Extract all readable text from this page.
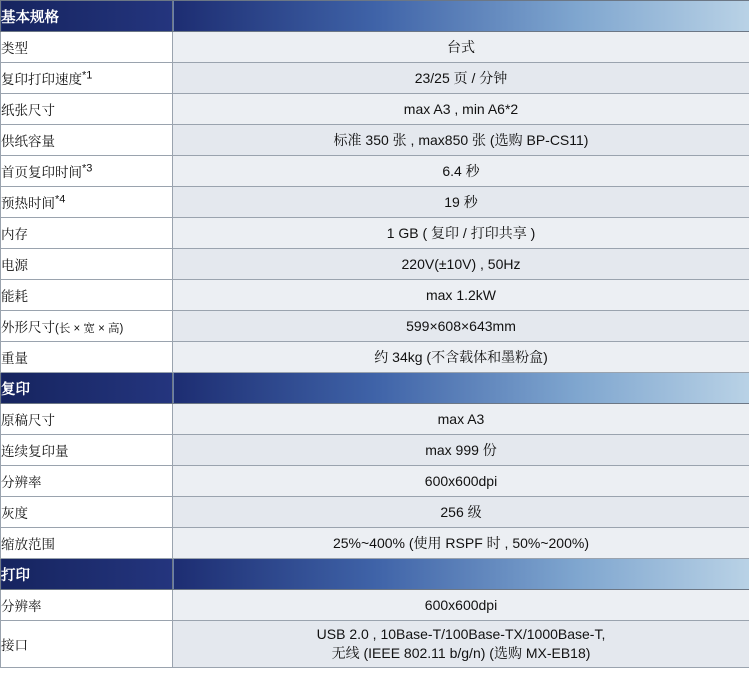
基本规格	
类型	台式
复印打印速度$^{*1}$	23/25 页 / 分钟
纸张尺寸	max A3 , min A6*2
供纸容量	标准 350 张 , max850 张 (选购 BP-CS11)
首页复印时间$^{*3}$	6.4 秒
预热时间$^{*4}$	19 秒
内存	1 GB ( 复印 / 打印共享 )
电源	220V(±10V) , 50Hz
能耗	max 1.2kW
外形尺寸(长 × 宽 × 高)	599×608×643mm
重量	约 34kg (不含载体和墨粉盒)
复印	
原稿尺寸	max A3
连续复印量	max 999 份
分辨率	600x600dpi
灰度	256 级
缩放范围	25%~400% (使用 RSPF 时 , 50%~200%)
打印	
分辨率	600x600dpi
接口	USB 2.0 , 10Base-T/100Base-TX/1000Base-T,
无线 (IEEE 802.11 b/g/n) (选购 MX-EB18)
